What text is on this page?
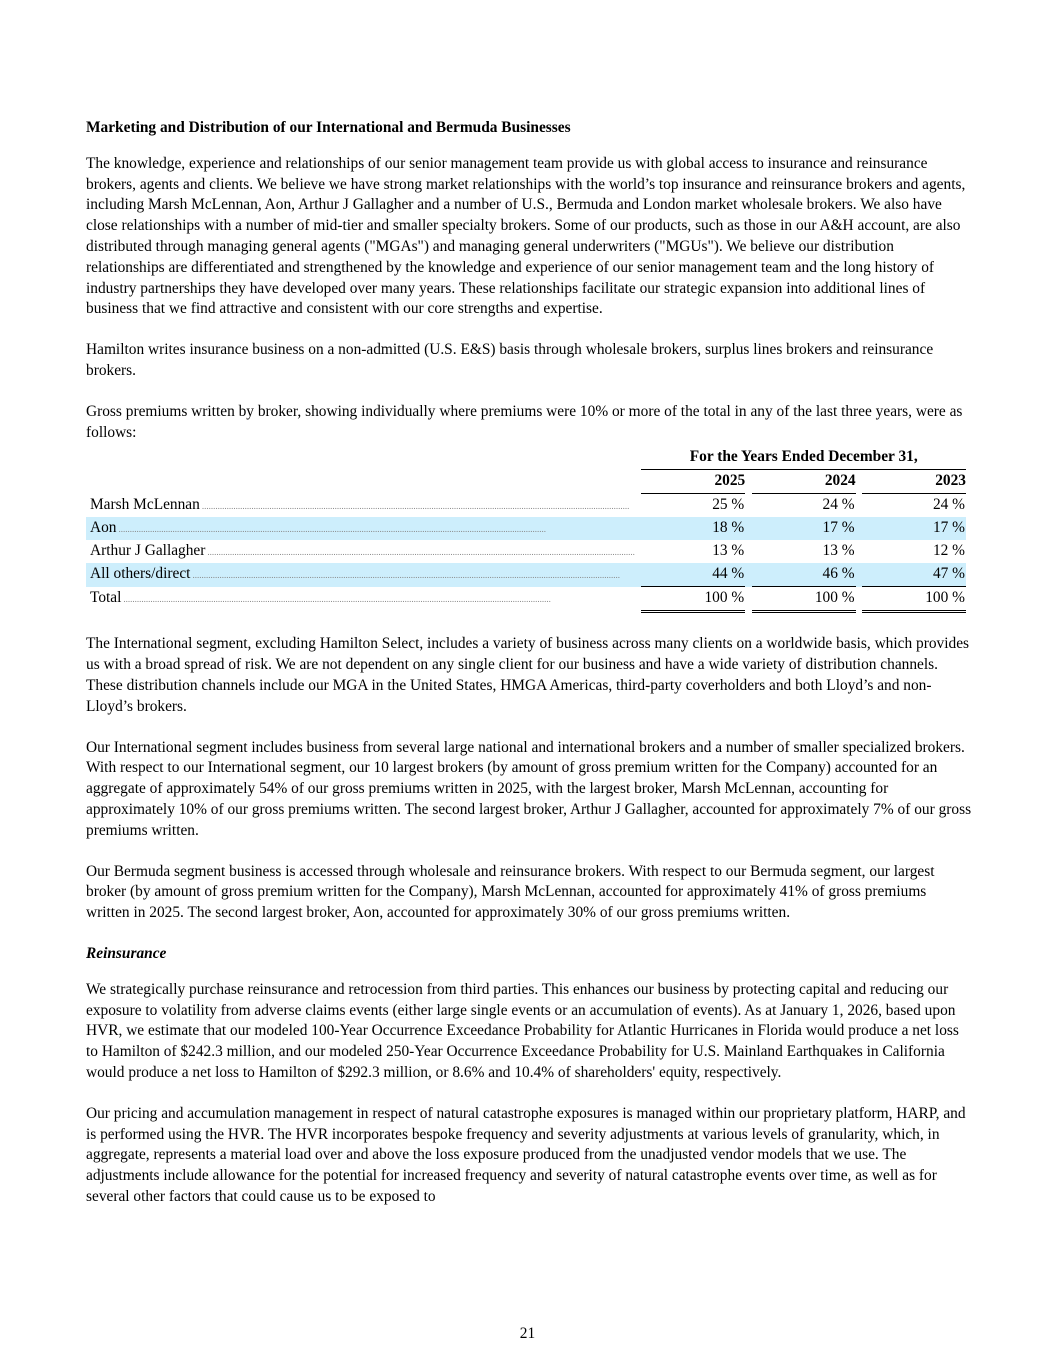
Marketing and Distribution of our International and Bermuda Businesses
The knowledge, experience and relationships of our senior management team provide us with global access to insurance and reinsurance brokers, agents and clients. We believe we have strong market relationships with the world’s top insurance and reinsurance brokers and agents, including Marsh McLennan, Aon, Arthur J Gallagher and a number of U.S., Bermuda and London market wholesale brokers. We also have close relationships with a number of mid-tier and smaller specialty brokers. Some of our products, such as those in our A&H account, are also distributed through managing general agents ("MGAs") and managing general underwriters ("MGUs"). We believe our distribution relationships are differentiated and strengthened by the knowledge and experience of our senior management team and the long history of industry partnerships they have developed over many years. These relationships facilitate our strategic expansion into additional lines of business that we find attractive and consistent with our core strengths and expertise.
Hamilton writes insurance business on a non-admitted (U.S. E&S) basis through wholesale brokers, surplus lines brokers and reinsurance brokers.
Gross premiums written by broker, showing individually where premiums were 10% or more of the total in any of the last three years, were as follows:
		For the Years Ended December 31,				
		2025		2024		2023

Marsh McLennan ..............................................................................................................................................................................................		25 %		24 %		24 %

Aon ..............................................................................................................................................................................................		18 %		17 %		17 %

Arthur J Gallagher ..............................................................................................................................................................................................		13 %		13 %		12 %

All others/direct ..............................................................................................................................................................................................		44 %		46 %		47 %

Total ..............................................................................................................................................................................................		100 %		100 %		100 %
The International segment, excluding Hamilton Select, includes a variety of business across many clients on a worldwide basis, which provides us with a broad spread of risk. We are not dependent on any single client for our business and have a wide variety of distribution channels. These distribution channels include our MGA in the United States, HMGA Americas, third-party coverholders and both Lloyd’s and non-Lloyd’s brokers.
Our International segment includes business from several large national and international brokers and a number of smaller specialized brokers. With respect to our International segment, our 10 largest brokers (by amount of gross premium written for the Company) accounted for an aggregate of approximately 54% of our gross premiums written in 2025, with the largest broker, Marsh McLennan, accounting for approximately 10% of our gross premiums written. The second largest broker, Arthur J Gallagher, accounted for approximately 7% of our gross premiums written.
Our Bermuda segment business is accessed through wholesale and reinsurance brokers. With respect to our Bermuda segment, our largest broker (by amount of gross premium written for the Company), Marsh McLennan, accounted for approximately 41% of gross premiums written in 2025. The second largest broker, Aon, accounted for approximately 30% of our gross premiums written.
Reinsurance
We strategically purchase reinsurance and retrocession from third parties. This enhances our business by protecting capital and reducing our exposure to volatility from adverse claims events (either large single events or an accumulation of events). As at January 1, 2026, based upon HVR, we estimate that our modeled 100-Year Occurrence Exceedance Probability for Atlantic Hurricanes in Florida would produce a net loss to Hamilton of $242.3 million, and our modeled 250-Year Occurrence Exceedance Probability for U.S. Mainland Earthquakes in California would produce a net loss to Hamilton of $292.3 million, or 8.6% and 10.4% of shareholders' equity, respectively.
Our pricing and accumulation management in respect of natural catastrophe exposures is managed within our proprietary platform, HARP, and is performed using the HVR. The HVR incorporates bespoke frequency and severity adjustments at various levels of granularity, which, in aggregate, represents a material load over and above the loss exposure produced from the unadjusted vendor models that we use. The adjustments include allowance for the potential for increased frequency and severity of natural catastrophe events over time, as well as for several other factors that could cause us to be exposed to
21
